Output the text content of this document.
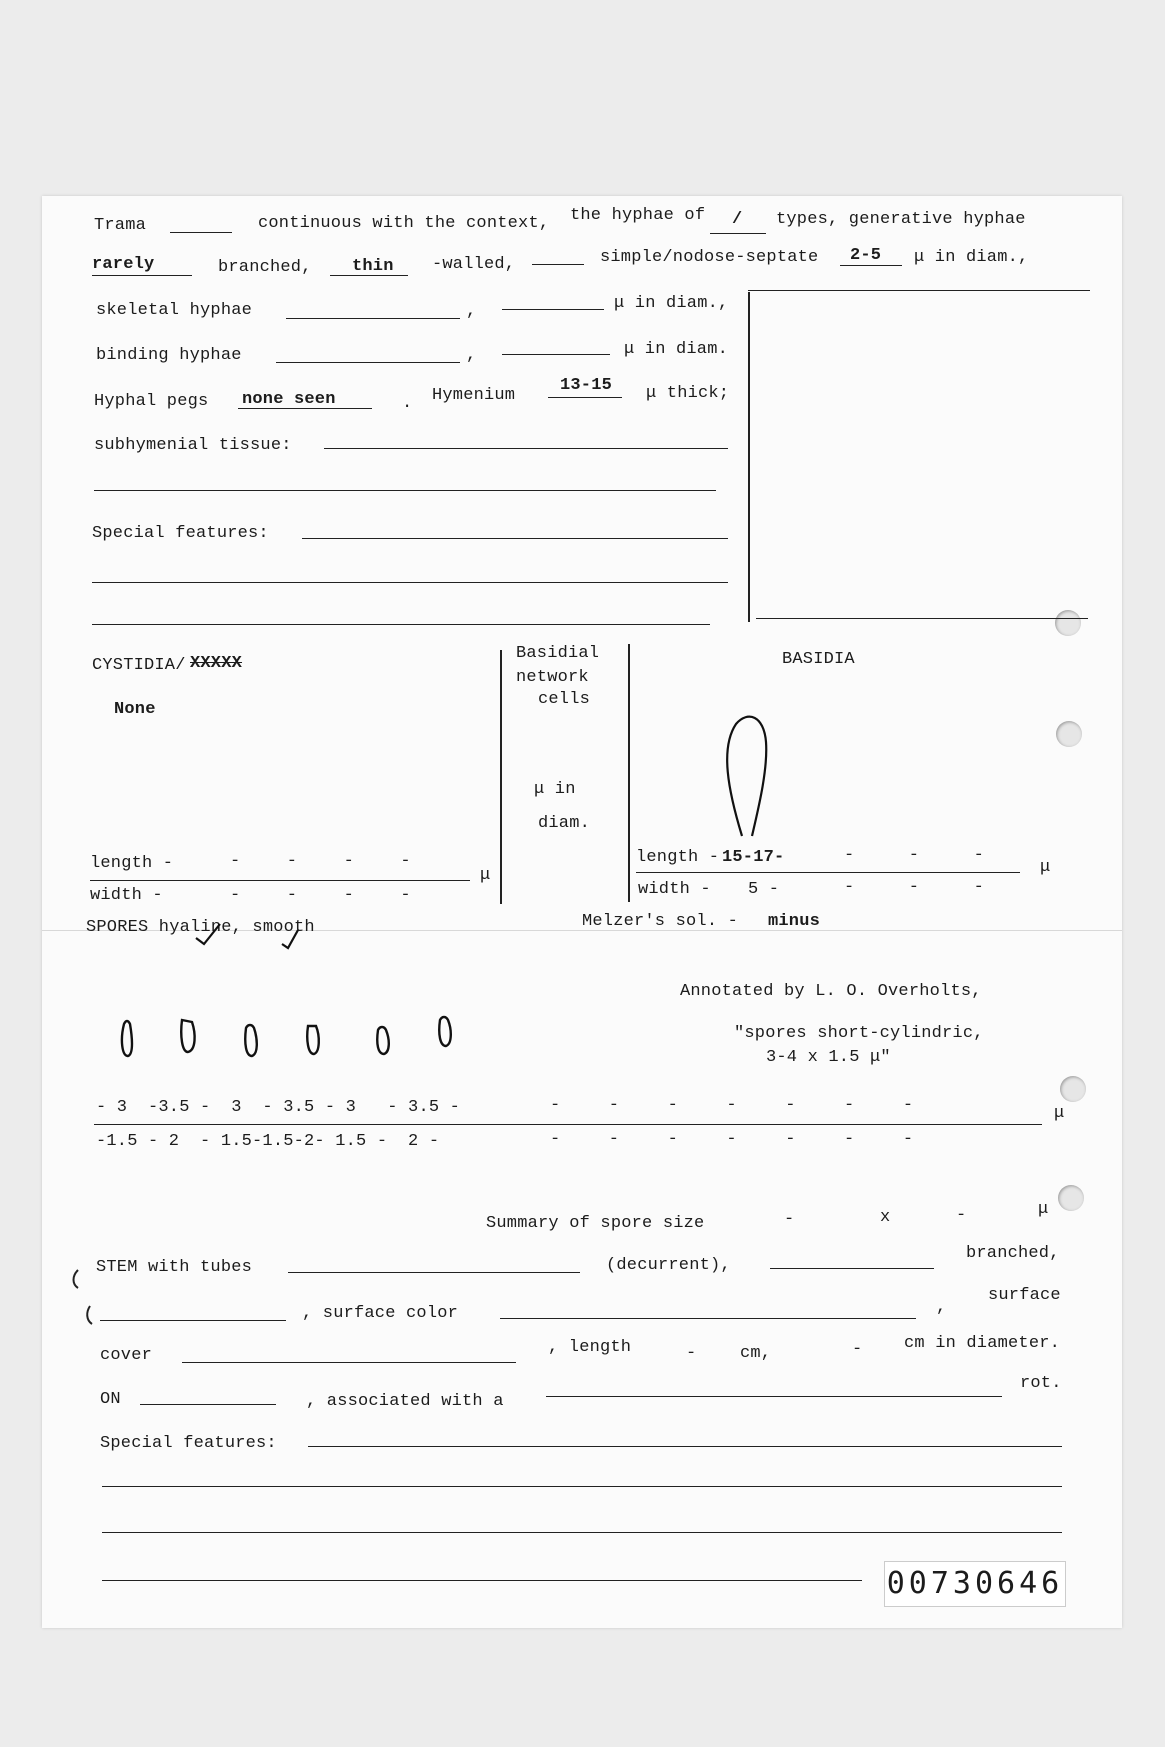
Trama	continuous with the context, the hyphae of / types, generative hyphae
rarely	branched, thin -walled,	simple/nodose-septate 2-5 μ in diam.,
skeletal hyphae	,	μ in diam.,
binding hyphae	,	μ in diam.
Hyphal pegs none seen	. Hymenium
13-15 μ thick;
subhymenial tissue:
Special features:
CYSTIDIA/ XXXXX
None
length -	- - - -
μ
width -	- - - -
Basidial
network
cells
μ in
diam.
BASIDIA
length - 15-17-	- - -
μ
width - 5 -	- - -
SPORES hyaline, smooth	Melzer's sol. - minus
Annotated by L. O. Overholts,
"spores short-cylindric,
3-4 x 1.5 μ"
- 3  -3.5 -  3  - 3.5 - 3   - 3.5 -	- - - - - - -	μ
-1.5 - 2  - 1.5-1.5-2- 1.5 -  2 -	- - - - - - -
Summary of spore size	-	x	-	μ
STEM with tubes	(decurrent),
branched,
, surface color	,
surface
cover	, length	-	cm,	- cm in diameter.
ON	, associated with a
rot.
Special features:
00730646
